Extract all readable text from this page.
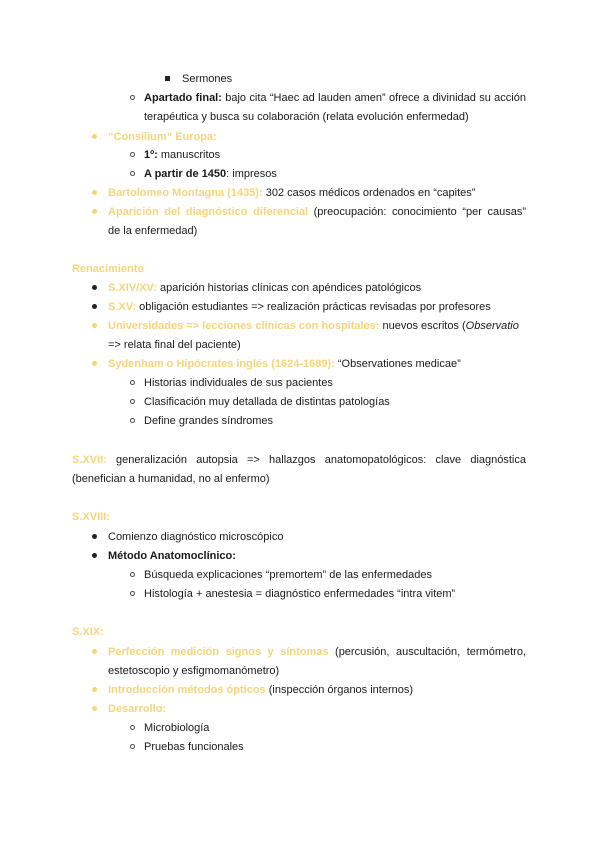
Sermones
Apartado final: bajo cita “Haec ad lauden amen” ofrece a divinidad su acción
terapéutica y busca su colaboración (relata evolución enfermedad)
“Consilium” Europa:
1º: manuscritos
A partir de 1450: impresos
Bartolomeo Montagna (1435): 302 casos médicos ordenados en “capites”
Aparición del diagnóstico diferencial (preocupación: conocimiento “per causas”
de la enfermedad)
Renacimiento
S.XIV/XV: aparición historias clínicas con apéndices patológicos
S.XV: obligación estudiantes => realización prácticas revisadas por profesores
Universidades => lecciones clínicas con hospitales: nuevos escritos (Observatio
=> relata final del paciente)
Sydenham o Hipócrates inglés (1624-1689): “Observationes medicae”
Historias individuales de sus pacientes
Clasificación muy detallada de distintas patologías
Define grandes síndromes
S.XVII: generalización autopsia => hallazgos anatomopatológicos: clave diagnóstica
(benefician a humanidad, no al enfermo)
S.XVIII:
Comienzo diagnóstico microscópico
Método Anatomoclínico:
Búsqueda explicaciones “premortem” de las enfermedades
Histología + anestesia = diagnóstico enfermedades “intra vitem”
S.XIX:
Perfección medición signos y síntomas (percusión, auscultación, termómetro,
estetoscopio y esfigmomanómetro)
Introducción métodos ópticos (inspección órganos internos)
Desarrollo:
Microbiología
Pruebas funcionales
